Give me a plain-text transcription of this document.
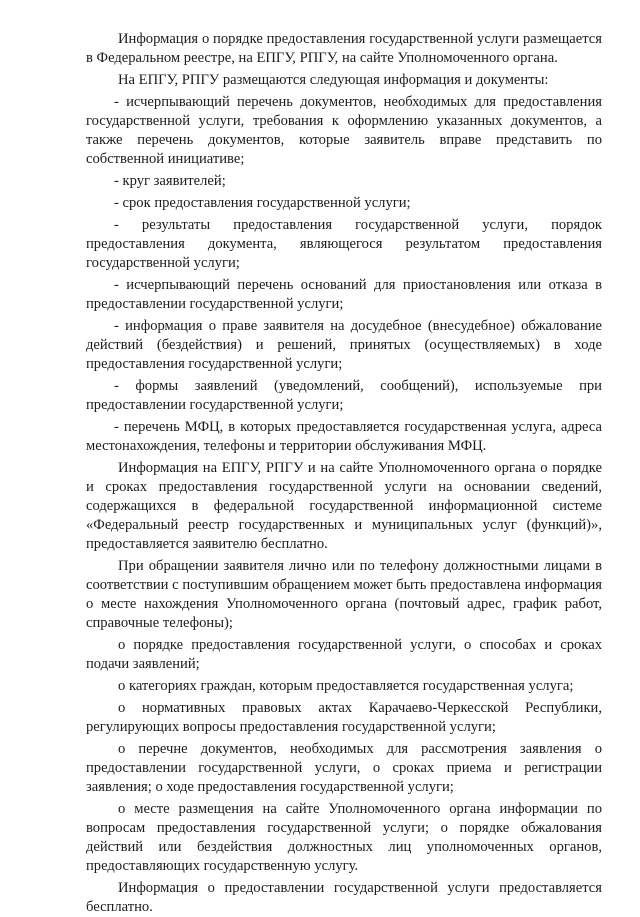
Информация о порядке предоставления государственной услуги размещается в Федеральном реестре, на ЕПГУ, РПГУ, на сайте Уполномоченного органа.

На ЕПГУ, РПГУ размещаются следующая информация и документы:

- исчерпывающий перечень документов, необходимых для предоставления государственной услуги, требования к оформлению указанных документов, а также перечень документов, которые заявитель вправе представить по собственной инициативе;

- круг заявителей;

- срок предоставления государственной услуги;

- результаты предоставления государственной услуги, порядок предоставления документа, являющегося результатом предоставления государственной услуги;

- исчерпывающий перечень оснований для приостановления или отказа в предоставлении государственной услуги;

- информация о праве заявителя на досудебное (внесудебное) обжалование действий (бездействия) и решений, принятых (осуществляемых) в ходе предоставления государственной услуги;

- формы заявлений (уведомлений, сообщений), используемые при предоставлении государственной услуги;

- перечень МФЦ, в которых предоставляется государственная услуга, адреса местонахождения, телефоны и территории обслуживания МФЦ.

Информация на ЕПГУ, РПГУ и на сайте Уполномоченного органа о порядке и сроках предоставления государственной услуги на основании сведений, содержащихся в федеральной государственной информационной системе «Федеральный реестр государственных и муниципальных услуг (функций)», предоставляется заявителю бесплатно.

При обращении заявителя лично или по телефону должностными лицами в соответствии с поступившим обращением может быть предоставлена информация о месте нахождения Уполномоченного органа (почтовый адрес, график работ, справочные телефоны);

о порядке предоставления государственной услуги, о способах и сроках подачи заявлений;

о категориях граждан, которым предоставляется государственная услуга;

о нормативных правовых актах Карачаево-Черкесской Республики, регулирующих вопросы предоставления государственной услуги;

о перечне документов, необходимых для рассмотрения заявления о предоставлении государственной услуги, о сроках приема и регистрации заявления; о ходе предоставления государственной услуги;

о месте размещения на сайте Уполномоченного органа информации по вопросам предоставления государственной услуги; о порядке обжалования действий или бездействия должностных лиц уполномоченных органов, предоставляющих государственную услугу.

Информация о предоставлении государственной услуги предоставляется бесплатно.
